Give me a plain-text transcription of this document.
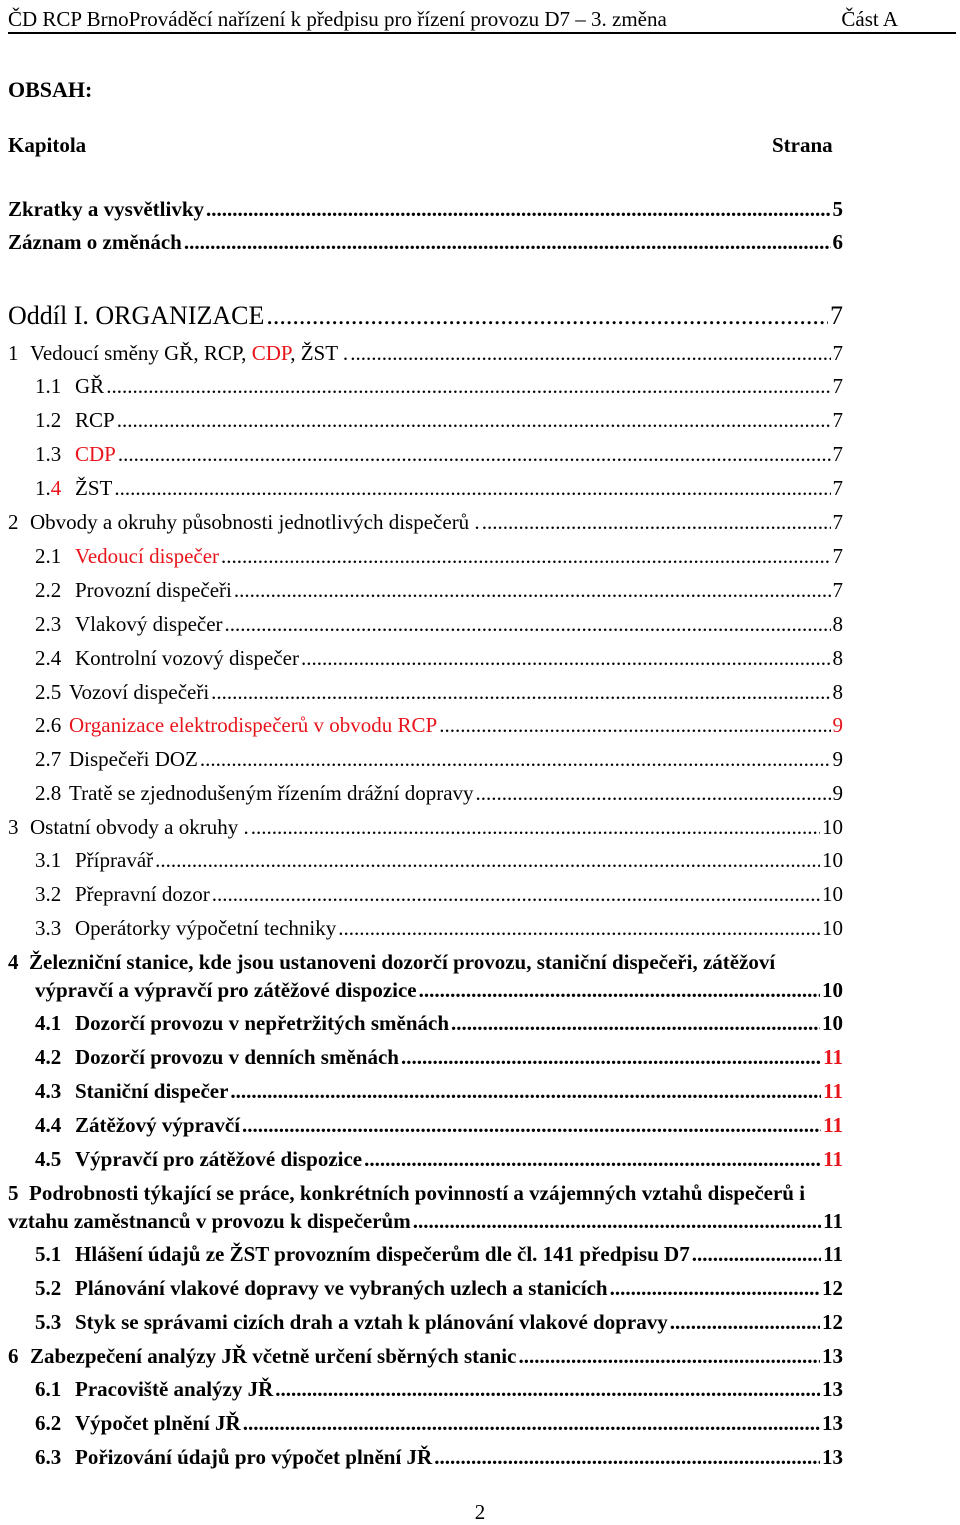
ČD RCP BrnoProváděcí nařízení k předpisu pro řízení provozu D7 – 3. změna	Část A
OBSAH:
Kapitola	Strana
Zkratky a vysvětlivky .....	5
Záznam o změnách .....	6
Oddíl I. ORGANIZACE .....	7
1 Vedoucí směny GŘ, RCP, CDP, ŽST . .....	7
1.1 GŘ .....	7
1.2 RCP .....	7
1.3 CDP .....	7
1.4 ŽST .....	7
2 Obvody a okruhy působnosti jednotlivých dispečerů . .....	7
2.1 Vedoucí dispečer .....	7
2.2 Provozní dispečeři .....	7
2.3 Vlakový dispečer .....	8
2.4 Kontrolní vozový dispečer .....	8
2.5 Vozoví dispečeři .....	8
2.6 Organizace elektrodispečerů v obvodu RCP .....	9
2.7 Dispečeři DOZ .....	9
2.8 Tratě se zjednodušeným řízením drážní dopravy .....	9
3 Ostatní obvody a okruhy . .....	10
3.1 Přípravář .....	10
3.2 Přepravní dozor .....	10
3.3 Operátorky výpočetní techniky .....	10
4 Železniční stanice, kde jsou ustanoveni dozorčí provozu, staniční dispečeři, zátěžoví
výpravčí a výpravčí pro zátěžové dispozice .....	10
4.1 Dozorčí provozu v nepřetržitých směnách .....	10
4.2 Dozorčí provozu v denních směnách .....	11
4.3 Staniční dispečer .....	11
4.4 Zátěžový výpravčí .....	11
4.5 Výpravčí pro zátěžové dispozice .....	11
5 Podrobnosti týkající se práce, konkrétních povinností a vzájemných vztahů dispečerů i
vztahu zaměstnanců v provozu k dispečerům .....	11
5.1 Hlášení údajů ze ŽST provozním dispečerům dle čl. 141 předpisu D7 .....	11
5.2 Plánování vlakové dopravy ve vybraných uzlech a stanicích .....	12
5.3 Styk se správami cizích drah a vztah k plánování vlakové dopravy .....	12
6 Zabezpečení analýzy JŘ včetně určení sběrných stanic .....	13
6.1 Pracoviště analýzy JŘ .....	13
6.2 Výpočet plnění JŘ .....	13
6.3 Pořizování údajů pro výpočet plnění JŘ .....	13
2
